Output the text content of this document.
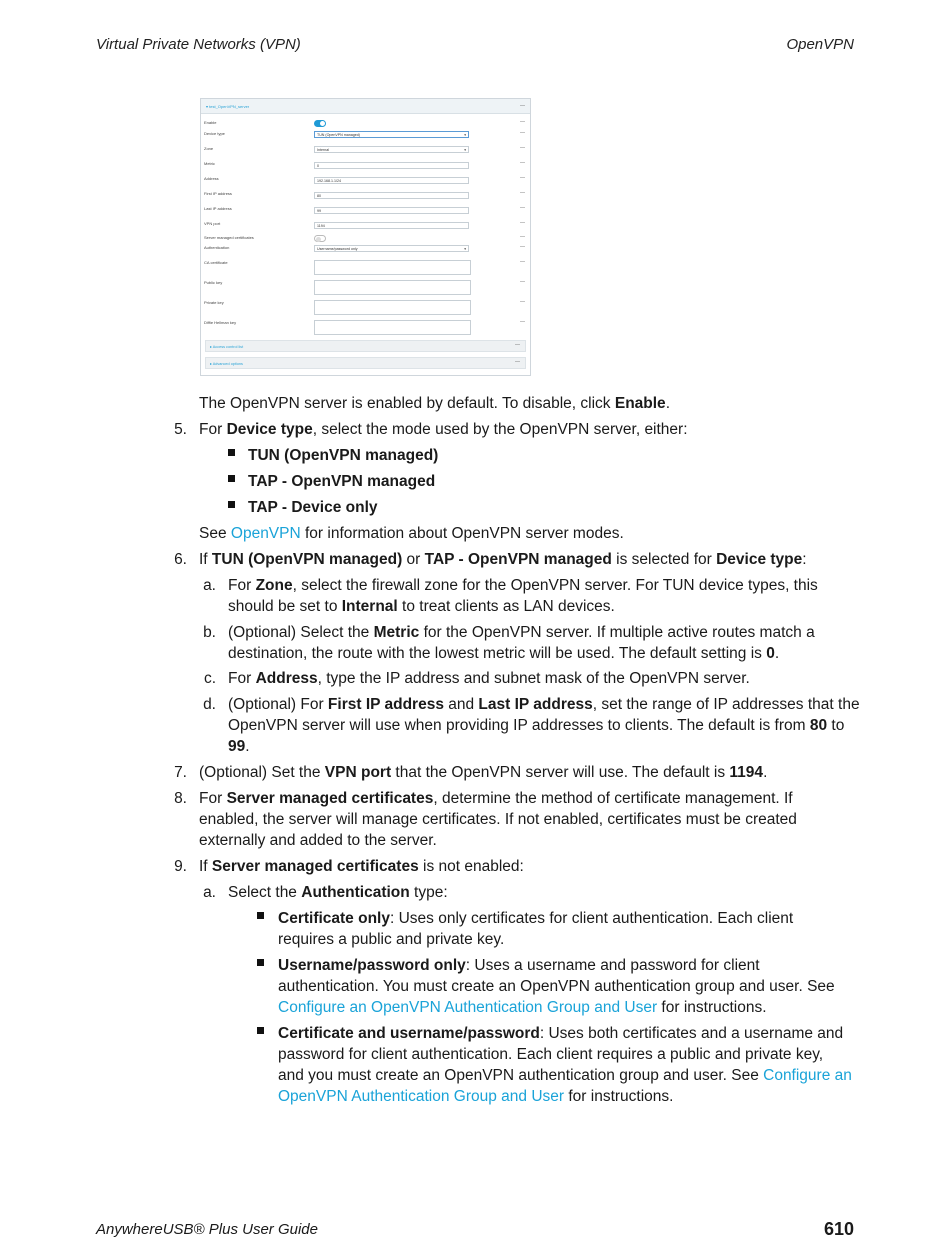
Virtual Private Networks (VPN)	OpenVPN
AnywhereUSB® Plus User Guide	610
▾ test_OpenVPN_server	—
Enable	—
Device type	TUN (OpenVPN managed)	▾	—
Zone	Internal	▾	—
Metric	0	—
Address	192.168.1.1/24	—
First IP address	80	—
Last IP address	99	—
VPN port	1194	—
Server managed certificates	—
Authentication	Username/password only	▾	—
CA certificate	—
Public key	—
Private key	—
Diffie Hellman key	—
▸ Access control list	—
▸ Advanced options	—
The OpenVPN server is enabled by default. To disable, click Enable.
5. For Device type, select the mode used by the OpenVPN server, either:
TUN (OpenVPN managed)
TAP - OpenVPN managed
TAP - Device only
See OpenVPN for information about OpenVPN server modes.
6. If TUN (OpenVPN managed) or TAP - OpenVPN managed is selected for Device type:
a. For Zone, select the firewall zone for the OpenVPN server. For TUN device types, this
should be set to Internal to treat clients as LAN devices.
b. (Optional) Select the Metric for the OpenVPN server. If multiple active routes match a
destination, the route with the lowest metric will be used. The default setting is 0.
c. For Address, type the IP address and subnet mask of the OpenVPN server.
d. (Optional) For First IP address and Last IP address, set the range of IP addresses that the
OpenVPN server will use when providing IP addresses to clients. The default is from 80 to
99.
7. (Optional) Set the VPN port that the OpenVPN server will use. The default is 1194.
8. For Server managed certificates, determine the method of certificate management. If
enabled, the server will manage certificates. If not enabled, certificates must be created
externally and added to the server.
9. If Server managed certificates is not enabled:
a. Select the Authentication type:
Certificate only: Uses only certificates for client authentication. Each client
requires a public and private key.
Username/password only: Uses a username and password for client
authentication. You must create an OpenVPN authentication group and user. See
Configure an OpenVPN Authentication Group and User for instructions.
Certificate and username/password: Uses both certificates and a username and
password for client authentication. Each client requires a public and private key,
and you must create an OpenVPN authentication group and user. See Configure an
OpenVPN Authentication Group and User for instructions.
